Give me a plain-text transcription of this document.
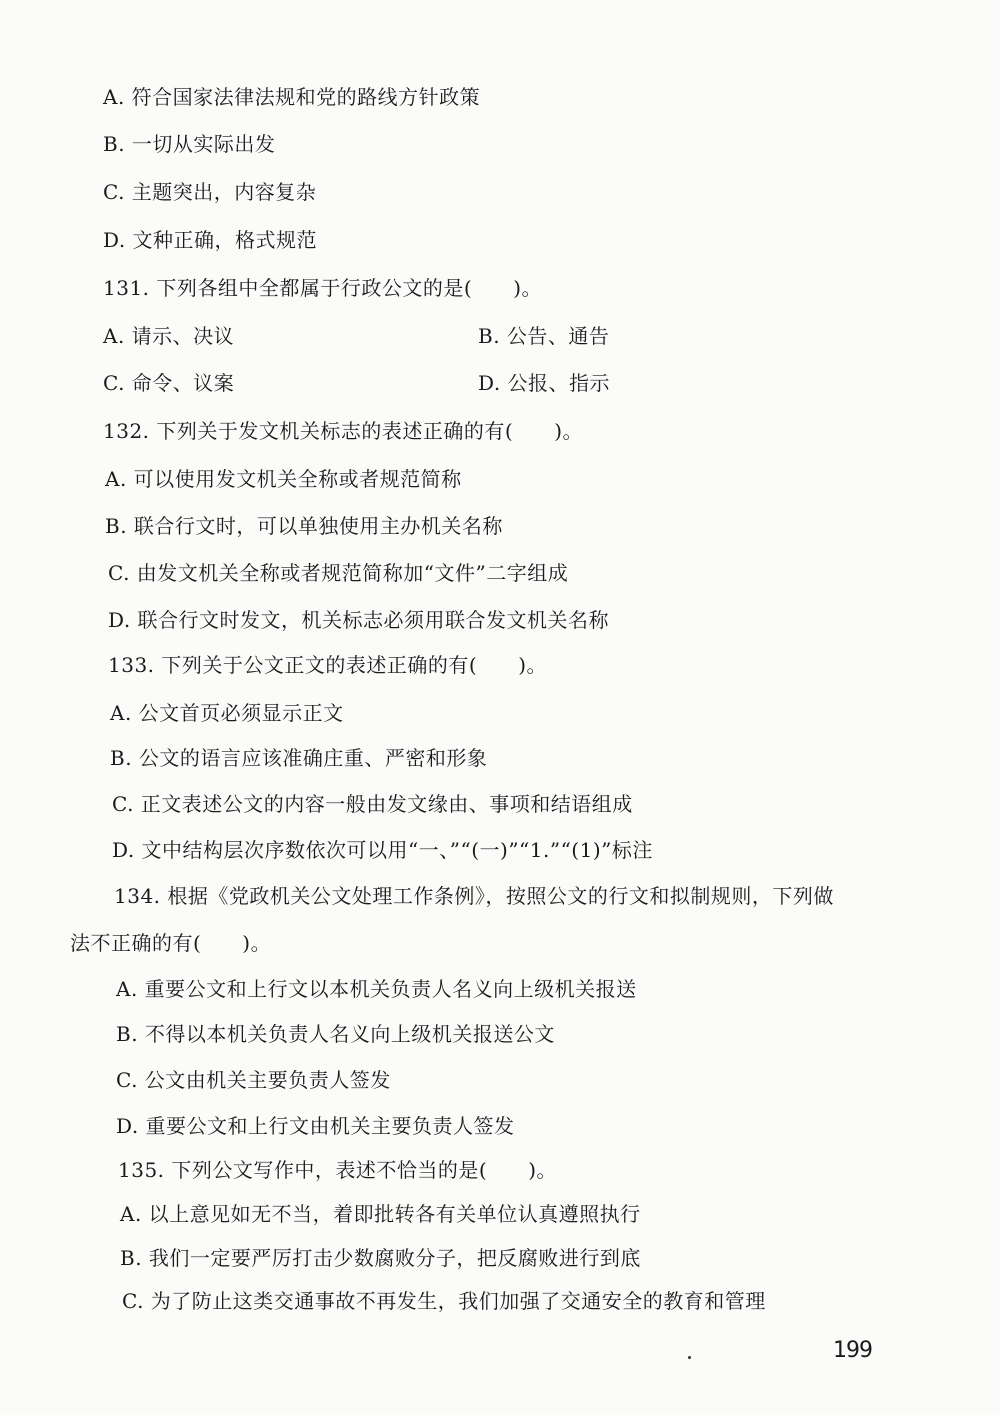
A. 符合国家法律法规和党的路线方针政策
B. 一切从实际出发
C. 主题突出，内容复杂
D. 文种正确，格式规范
131. 下列各组中全都属于行政公文的是(　　)。
A. 请示、决议	B. 公告、通告
C. 命令、议案	D. 公报、指示
132. 下列关于发文机关标志的表述正确的有(　　)。
A. 可以使用发文机关全称或者规范简称
B. 联合行文时，可以单独使用主办机关名称
C. 由发文机关全称或者规范简称加“文件”二字组成
D. 联合行文时发文，机关标志必须用联合发文机关名称
133. 下列关于公文正文的表述正确的有(　　)。
A. 公文首页必须显示正文
B. 公文的语言应该准确庄重、严密和形象
C. 正文表述公文的内容一般由发文缘由、事项和结语组成
D. 文中结构层次序数依次可以用“一、”“(一)”“1.”“(1)”标注
134. 根据《党政机关公文处理工作条例》，按照公文的行文和拟制规则，下列做
法不正确的有(　　)。
A. 重要公文和上行文以本机关负责人名义向上级机关报送
B. 不得以本机关负责人名义向上级机关报送公文
C. 公文由机关主要负责人签发
D. 重要公文和上行文由机关主要负责人签发
135. 下列公文写作中，表述不恰当的是(　　)。
A. 以上意见如无不当，着即批转各有关单位认真遵照执行
B. 我们一定要严厉打击少数腐败分子，把反腐败进行到底
C. 为了防止这类交通事故不再发生，我们加强了交通安全的教育和管理
199
